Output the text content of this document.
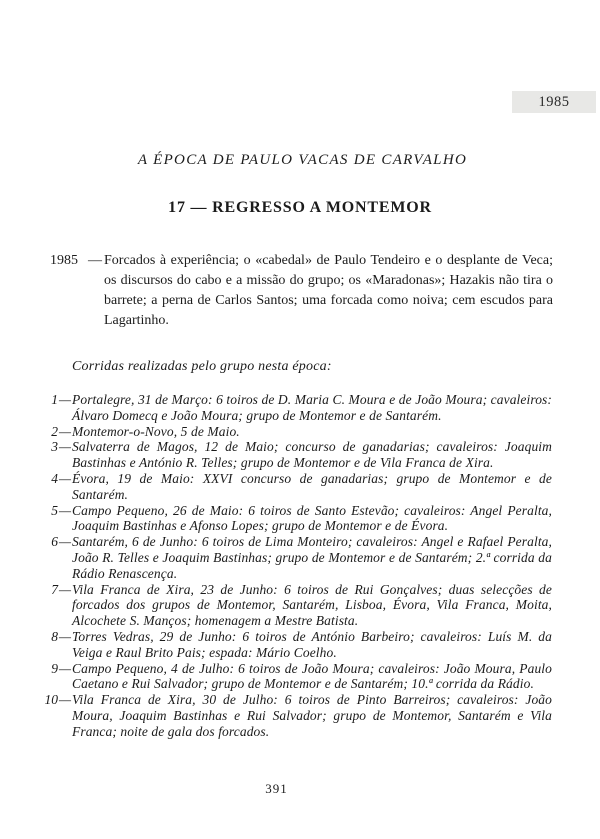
1985
A ÉPOCA DE PAULO VACAS DE CARVALHO
17 — REGRESSO A MONTEMOR

1985 — Forcados à experiência; o «cabedal» de Paulo Tendeiro e o desplante de Veca; os discursos do cabo e a missão do grupo; os «Maradonas»; Hazakis não tira o barrete; a perna de Carlos Santos; uma forcada como noiva; cem escudos para Lagartinho.

Corridas realizadas pelo grupo nesta época:

1 — Portalegre, 31 de Março: 6 toiros de D. Maria C. Moura e de João Moura; cavaleiros: Álvaro Domecq e João Moura; grupo de Montemor e de Santarém.
2 — Montemor-o-Novo, 5 de Maio.
3 — Salvaterra de Magos, 12 de Maio; concurso de ganadarias; cavaleiros: Joaquim Bastinhas e António R. Telles; grupo de Montemor e de Vila Franca de Xira.
4 — Évora, 19 de Maio: XXVI concurso de ganadarias; grupo de Montemor e de Santarém.
5 — Campo Pequeno, 26 de Maio: 6 toiros de Santo Estevão; cavaleiros: Angel Peralta, Joaquim Bastinhas e Afonso Lopes; grupo de Montemor e de Évora.
6 — Santarém, 6 de Junho: 6 toiros de Lima Monteiro; cavaleiros: Angel e Rafael Peralta, João R. Telles e Joaquim Bastinhas; grupo de Montemor e de Santarém; 2.ª corrida da Rádio Renascença.
7 — Vila Franca de Xira, 23 de Junho: 6 toiros de Rui Gonçalves; duas selecções de forcados dos grupos de Montemor, Santarém, Lisboa, Évora, Vila Franca, Moita, Alcochete S. Manços; homenagem a Mestre Batista.
8 — Torres Vedras, 29 de Junho: 6 toiros de António Barbeiro; cavaleiros: Luís M. da Veiga e Raul Brito Pais; espada: Mário Coelho.
9 — Campo Pequeno, 4 de Julho: 6 toiros de João Moura; cavaleiros: João Moura, Paulo Caetano e Rui Salvador; grupo de Montemor e de Santarém; 10.ª corrida da Rádio.
10 — Vila Franca de Xira, 30 de Julho: 6 toiros de Pinto Barreiros; cavaleiros: João Moura, Joaquim Bastinhas e Rui Salvador; grupo de Montemor, Santarém e Vila Franca; noite de gala dos forcados.
391
